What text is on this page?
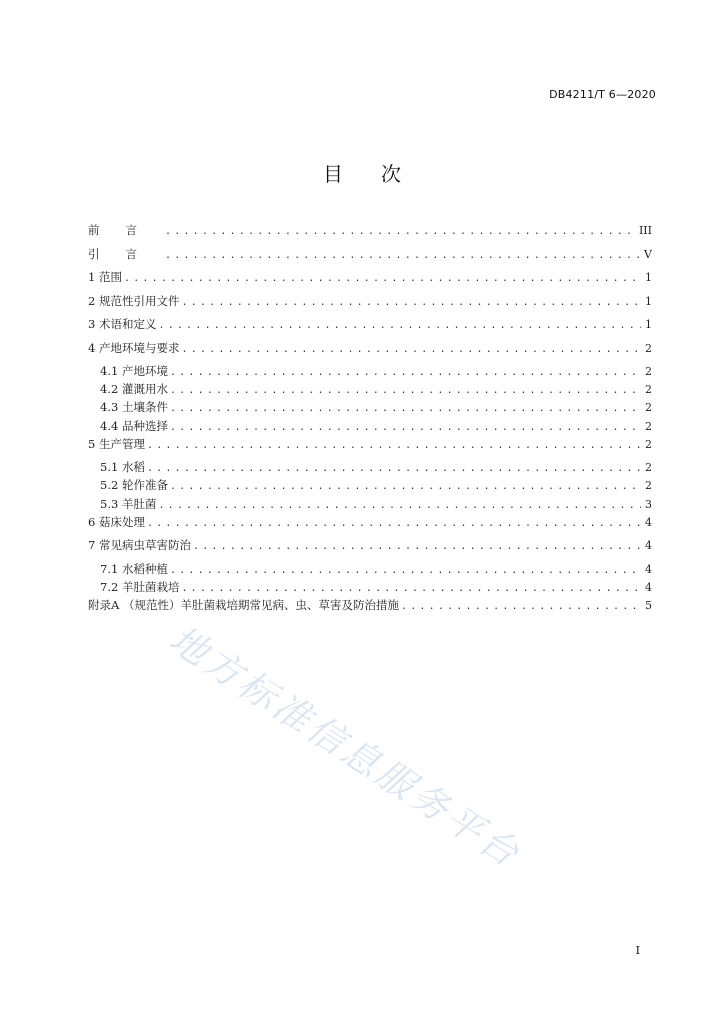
DB4211/T 6—2020
目次
前言 .....	III
引言 .....	V
1 范围 .....	1
2 规范性引用文件 .....	1
3 术语和定义 .....	1
4 产地环境与要求 .....	2
4.1 产地环境 .....	2
4.2 灌溉用水 .....	2
4.3 土壤条件 .....	2
4.4 品种选择 .....	2
5 生产管理 .....	2
5.1 水稻 .....	2
5.2 轮作准备 .....	2
5.3 羊肚菌 .....	3
6 菇床处理 .....	4
7 常见病虫草害防治 .....	4
7.1 水稻种植 .....	4
7.2 羊肚菌栽培 .....	4
附录A （规范性）羊肚菌栽培期常见病、虫、草害及防治措施 .....	5
地方标准信息服务平台
I
